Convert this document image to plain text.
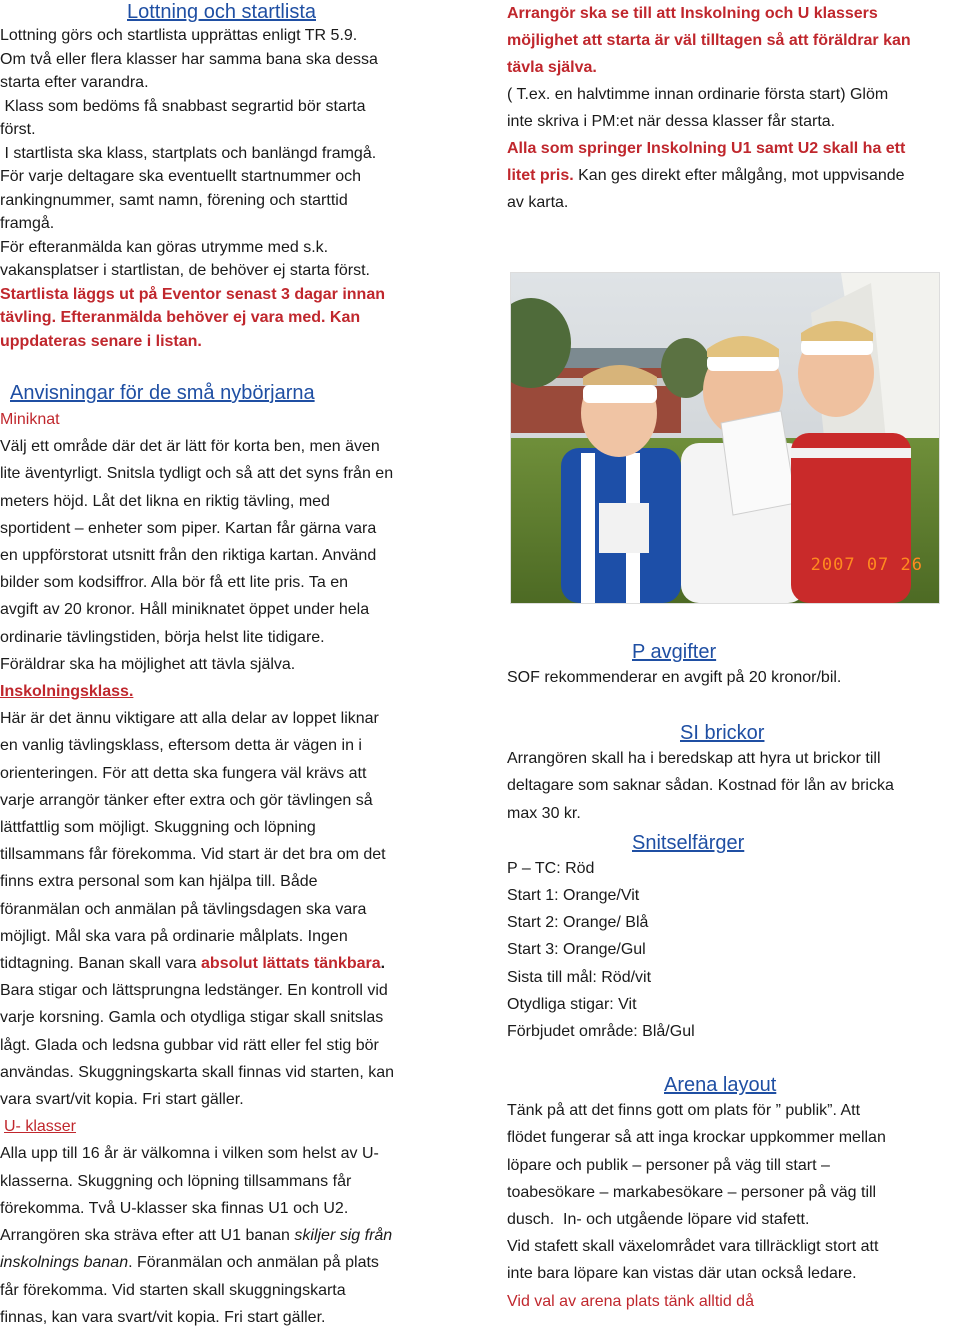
Lottning och startlista
Lottning görs och startlista upprättas enligt TR 5.9.
Om två eller flera klasser har samma bana ska dessa
starta efter varandra.
Klass som bedöms få snabbast segrartid bör starta
först.
I startlista ska klass, startplats och banlängd framgå.
För varje deltagare ska eventuellt startnummer och
rankingnummer, samt namn, förening och starttid
framgå.
För efteranmälda kan göras utrymme med s.k.
vakansplatser i startlistan, de behöver ej starta först.
Startlista läggs ut på Eventor senast 3 dagar innan
tävling. Efteranmälda behöver ej vara med. Kan
uppdateras senare i listan.
Anvisningar för de små nybörjarna
Miniknat
Välj ett område där det är lätt för korta ben, men även
lite äventyrligt. Snitsla tydligt och så att det syns från en
meters höjd. Låt det likna en riktig tävling, med
sportident – enheter som piper. Kartan får gärna vara
en uppförstorat utsnitt från den riktiga kartan. Använd
bilder som kodsiffror. Alla bör få ett lite pris. Ta en
avgift av 20 kronor. Håll miniknatet öppet under hela
ordinarie tävlingstiden, börja helst lite tidigare.
Föräldrar ska ha möjlighet att tävla själva.
Inskolningsklass.
Här är det ännu viktigare att alla delar av loppet liknar
en vanlig tävlingsklass, eftersom detta är vägen in i
orienteringen. För att detta ska fungera väl krävs att
varje arrangör tänker efter extra och gör tävlingen så
lättfattlig som möjligt. Skuggning och löpning
tillsammans får förekomma. Vid start är det bra om det
finns extra personal som kan hjälpa till. Både
föranmälan och anmälan på tävlingsdagen ska vara
möjligt. Mål ska vara på ordinarie målplats. Ingen
tidtagning. Banan skall vara absolut lättats tänkbara.
Bara stigar och lättsprungna ledstänger. En kontroll vid
varje korsning. Gamla och otydliga stigar skall snitslas
lågt. Glada och ledsna gubbar vid rätt eller fel stig bör
användas. Skuggningskarta skall finnas vid starten, kan
vara svart/vit kopia. Fri start gäller.
U- klasser
Alla upp till 16 år är välkomna i vilken som helst av U-
klasserna. Skuggning och löpning tillsammans får
förekomma. Två U-klasser ska finnas U1 och U2.
Arrangören ska sträva efter att U1 banan skiljer sig från
inskolnings banan. Föranmälan och anmälan på plats
får förekomma. Vid starten skall skuggningskarta
finnas, kan vara svart/vit kopia. Fri start gäller.
Arrangör ska se till att Inskolning och U klassers
möjlighet att starta är väl tilltagen så att föräldrar kan
tävla själva.
( T.ex. en halvtimme innan ordinarie första start) Glöm
inte skriva i PM:et när dessa klasser får starta.
Alla som springer Inskolning U1 samt U2 skall ha ett
litet pris. Kan ges direkt efter målgång, mot uppvisande
av karta.
2007 07 26
P avgifter
SOF rekommenderar en avgift på 20 kronor/bil.
SI brickor
Arrangören skall ha i beredskap att hyra ut brickor till
deltagare som saknar sådan. Kostnad för lån av bricka
max 30 kr.
Snitselfärger
P – TC: Röd
Start 1: Orange/Vit
Start 2: Orange/ Blå
Start 3: Orange/Gul
Sista till mål: Röd/vit
Otydliga stigar: Vit
Förbjudet område: Blå/Gul
Arena layout
Tänk på att det finns gott om plats för ” publik”. Att
flödet fungerar så att inga krockar uppkommer mellan
löpare och publik – personer på väg till start –
toabesökare – markabesökare – personer på väg till
dusch.  In- och utgående löpare vid stafett.
Vid stafett skall växelområdet vara tillräckligt stort att
inte bara löpare kan vistas där utan också ledare.
Vid val av arena plats tänk alltid då
